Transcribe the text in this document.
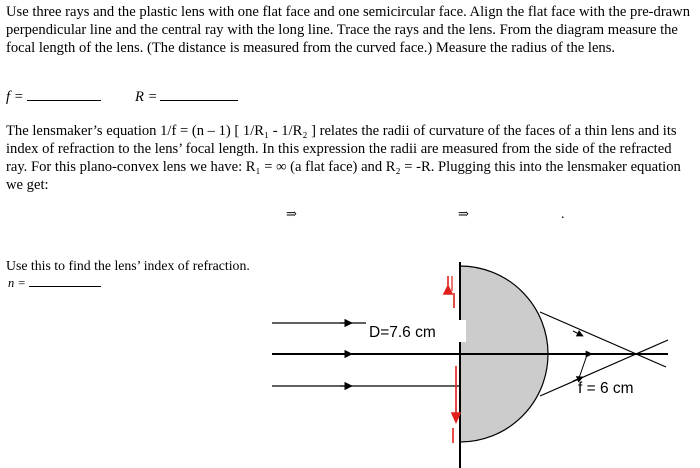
Use three rays and the plastic lens with one flat face and one semicircular face. Align the flat face with the pre-drawn perpendicular line and the central ray with the long line. Trace the rays and the lens. From the diagram measure the focal length of the lens. (The distance is measured from the curved face.) Measure the radius of the lens.

f =	R =

The lensmaker’s equation 1/f = (n – 1) [ 1/R₁ - 1/R₂ ] relates the radii of curvature of the faces of a thin lens and its index of refraction to the lens’ focal length. In this expression the radii are measured from the side of the refracted ray. For this plano-convex lens we have: R₁ = ∞ (a flat face) and R₂ = -R. Plugging this into the lensmaker equation we get:

⇒	⇒	.

Use this to find the lens’ index of refraction.

n =
D=7.6 cm
f = 6 cm
